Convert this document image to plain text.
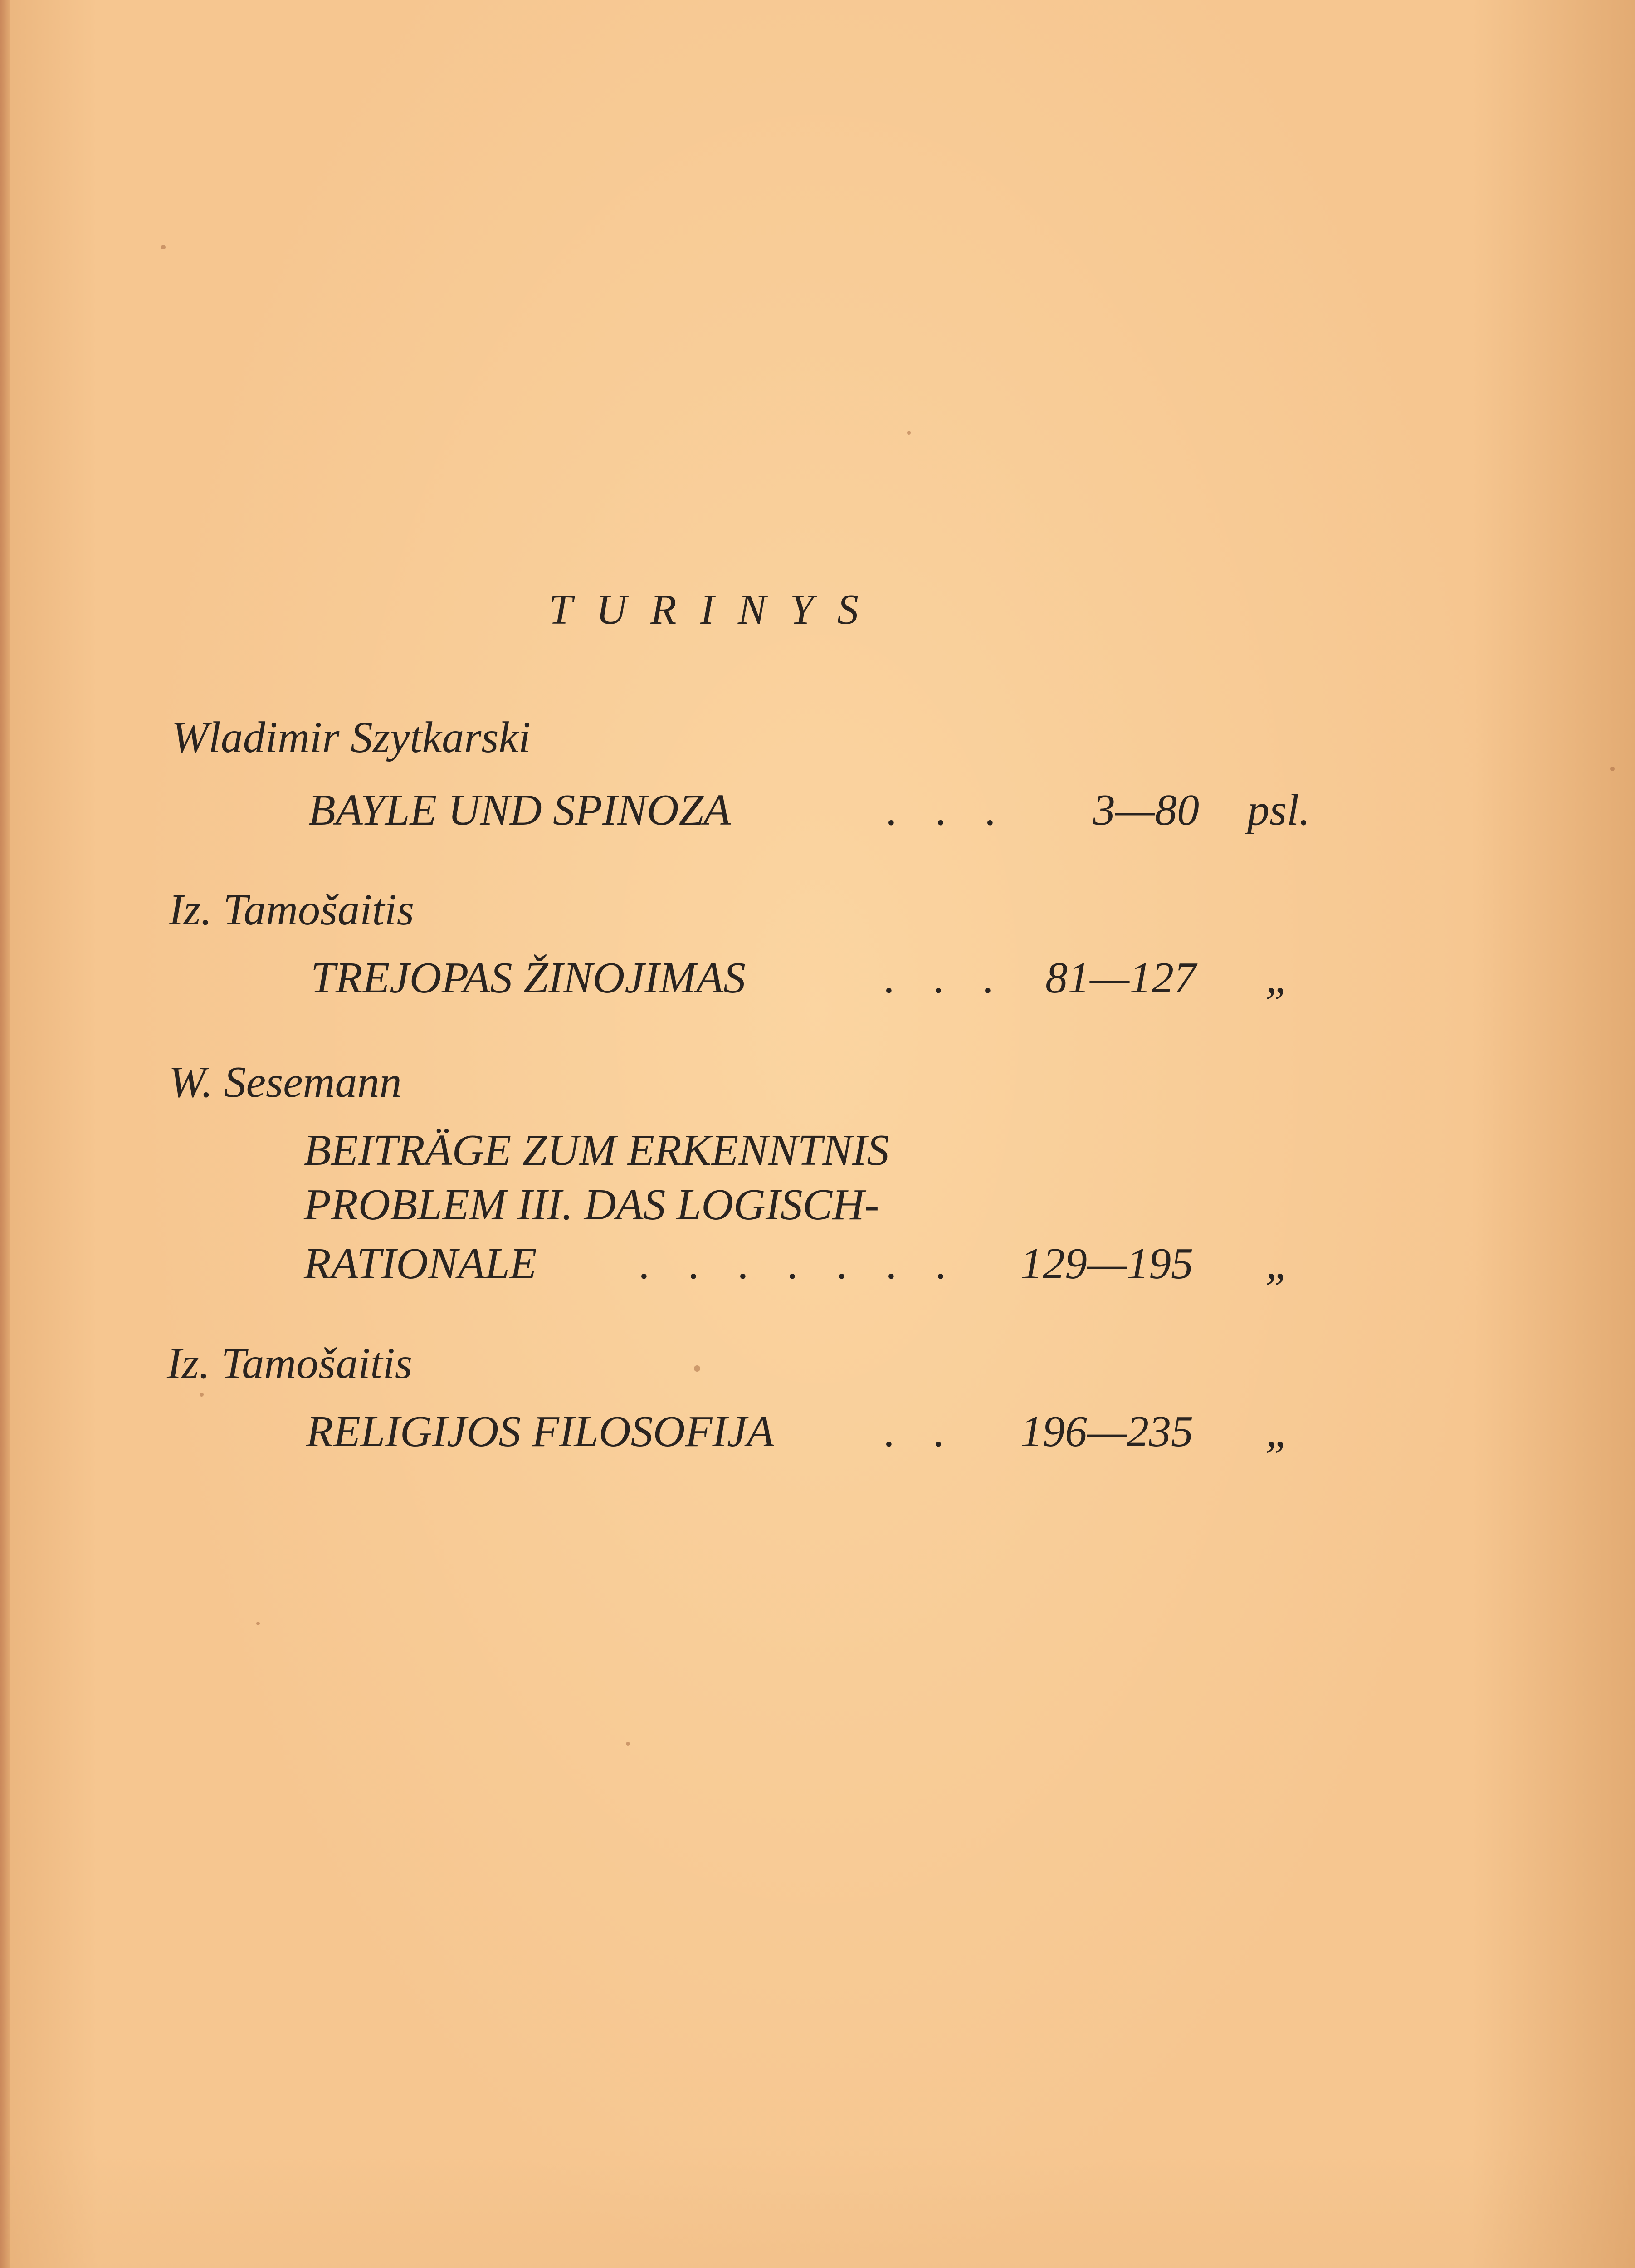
TURINYS
Wladimir Szytkarski
BAYLE UND SPINOZA	. . . 3—80 psl.
Iz. Tamošaitis
TREJOPAS ŽINOJIMAS	. . . 81—127 „
W. Sesemann
BEITRÄGE ZUM ERKENNTNIS
PROBLEM III. DAS LOGISCH-
RATIONALE . . . . . . . 129—195 „
Iz. Tamošaitis
RELIGIJOS FILOSOFIJA . . 196—235 „
